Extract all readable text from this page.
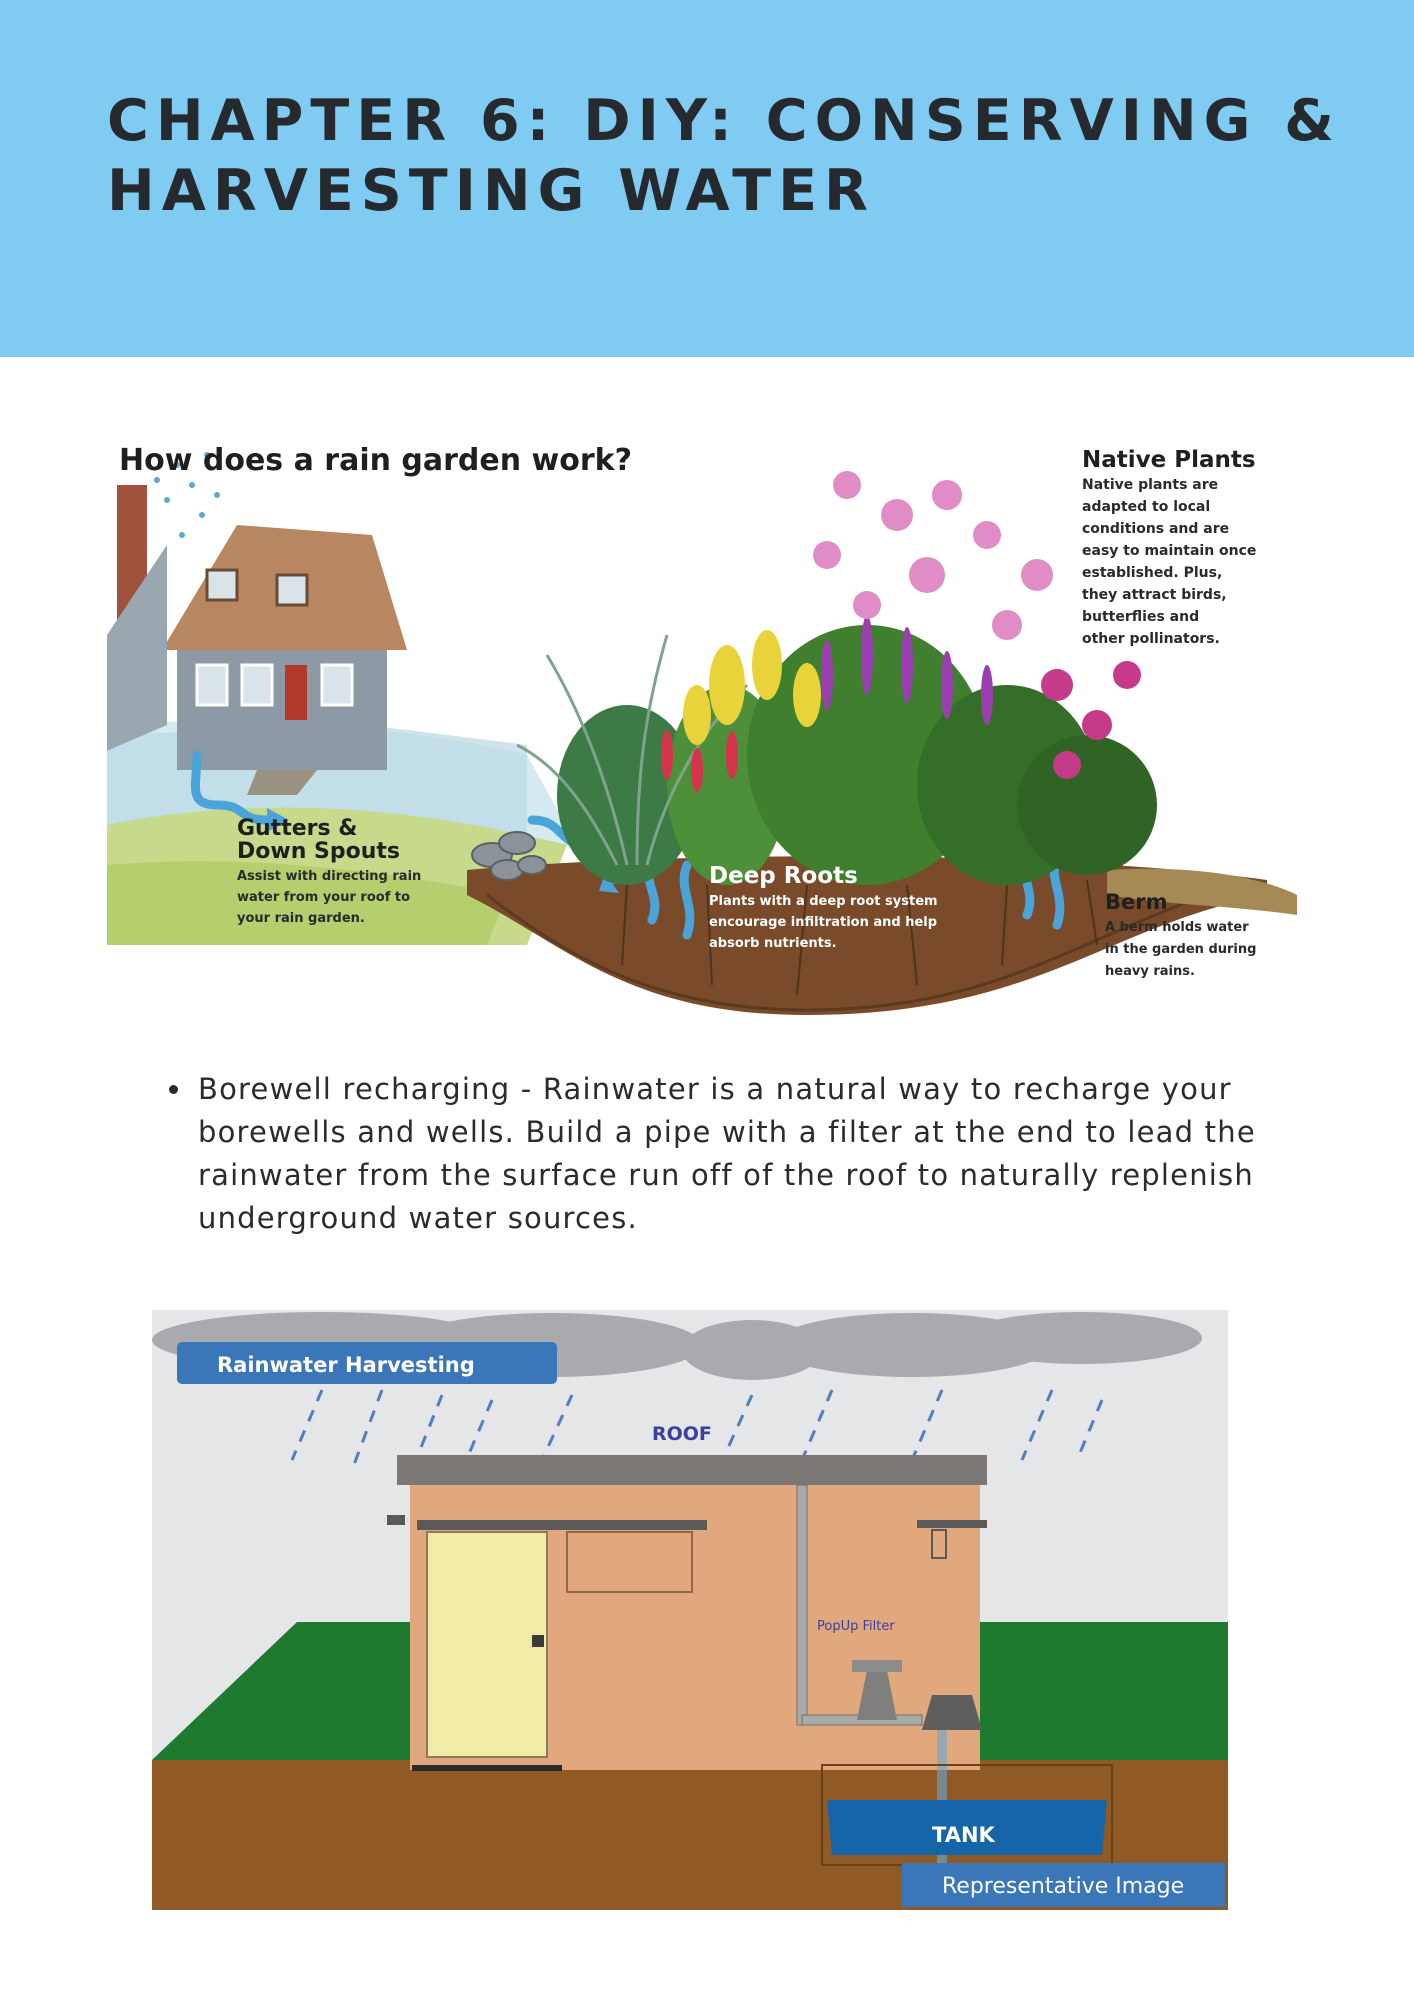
CHAPTER 6: DIY: CONSERVING & HARVESTING WATER
How does a rain garden work?	Native Plants
Native plants are
adapted to local
conditions and are
easy to maintain once
established. Plus,
they attract birds,
butterflies and
other pollinators.
Gutters &
Down Spouts
Assist with directing rain
water from your roof to
your rain garden.
Deep Roots
Plants with a deep root system
encourage infiltration and help
absorb nutrients.
Berm
A berm holds water
in the garden during
heavy rains.
• Borewell recharging - Rainwater is a natural way to recharge your borewells and wells. Build a pipe with a filter at the end to lead the rainwater from the surface run off of the roof to naturally replenish underground water sources.
Rainwater Harvesting
PopUp Filter
ROOF
TANK
Representative Image
